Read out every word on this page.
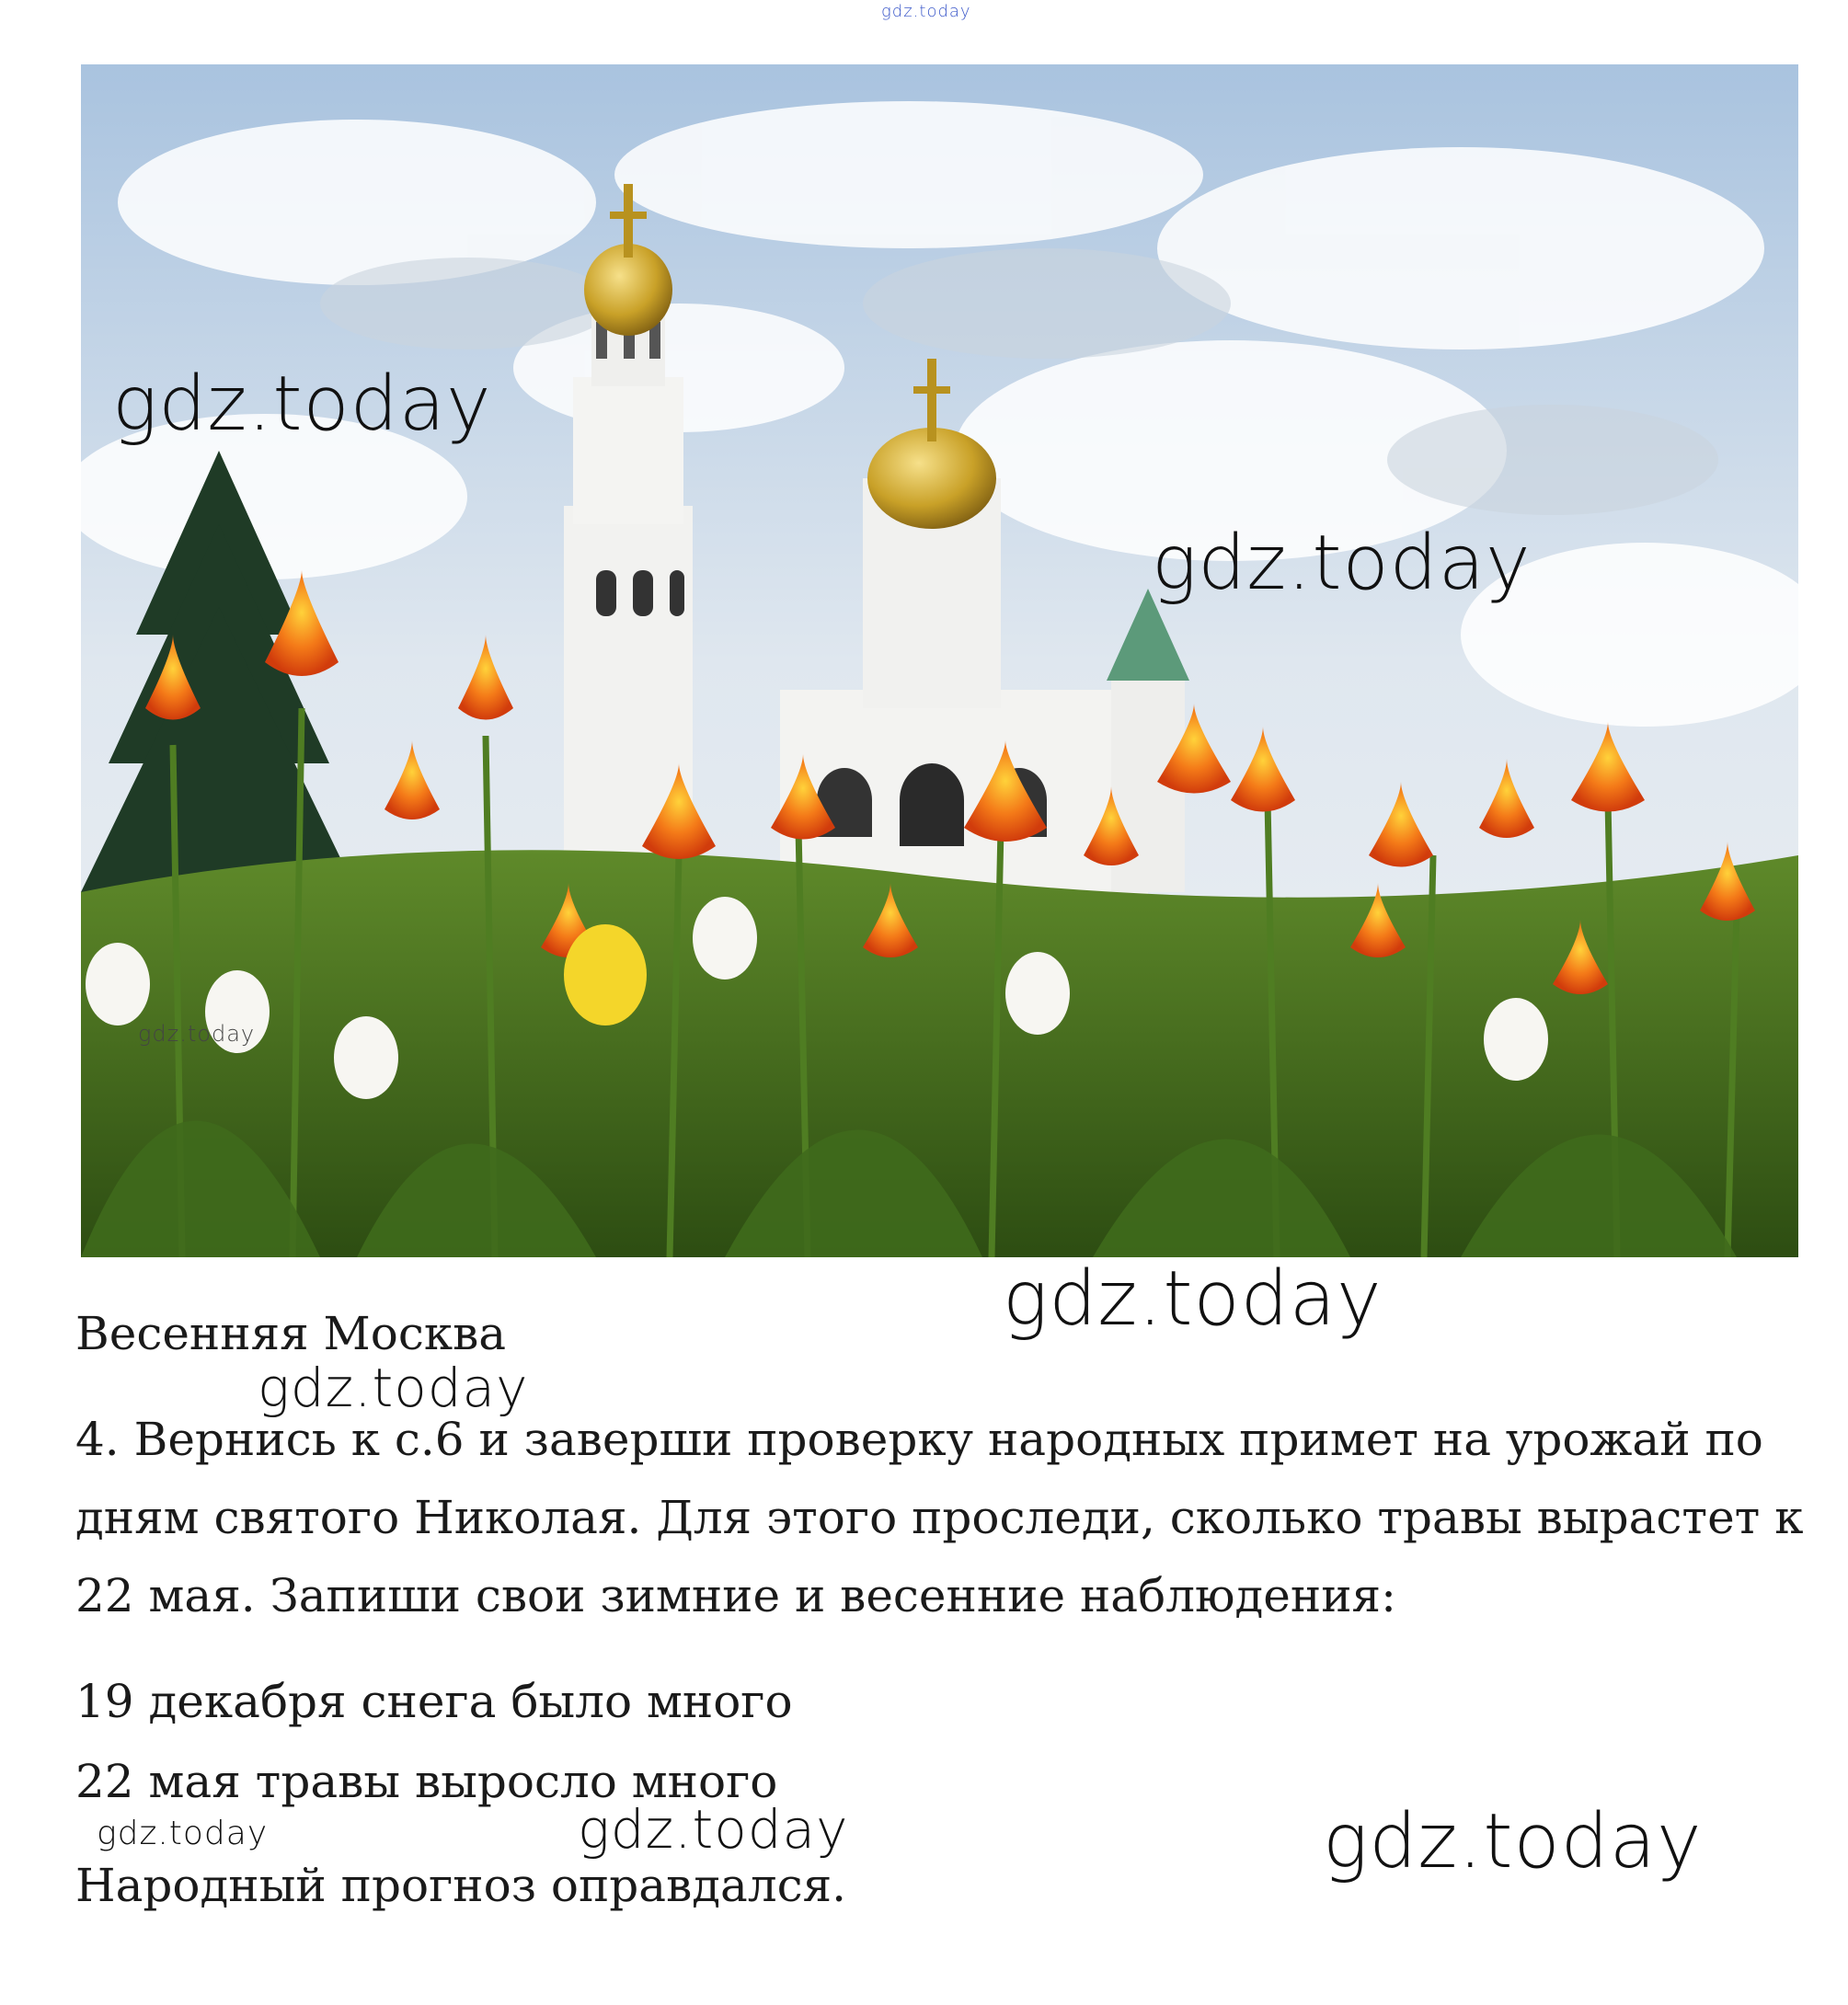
gdz.today
gdz.today
gdz.today
gdz.today
gdz.today
Весенняя Москва
gdz.today
4. Вернись к с.6 и заверши проверку народных примет на урожай по
дням святого Николая. Для этого проследи, сколько травы вырастет к
22 мая. Запиши свои зимние и весенние наблюдения:
19 декабря снега было много
22 мая травы выросло много
gdz.today	gdz.today	gdz.today
Народный прогноз оправдался.
